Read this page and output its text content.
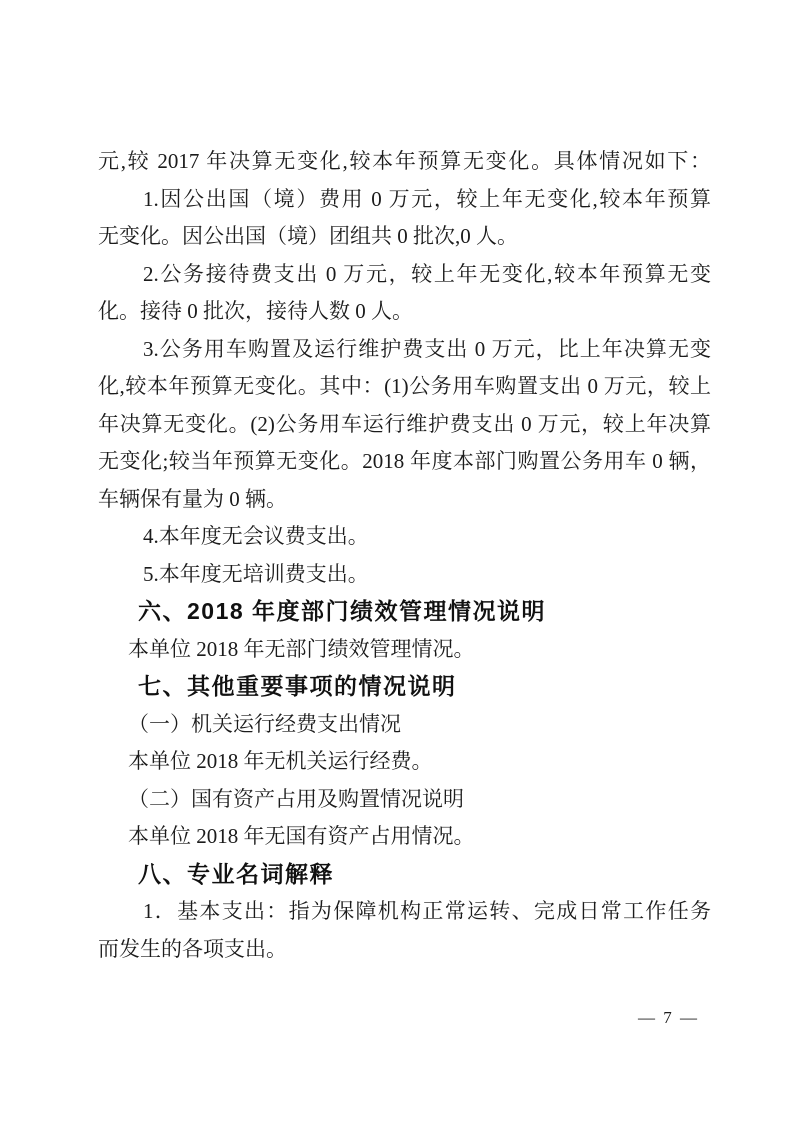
元,较 2017 年决算无变化,较本年预算无变化。具体情况如下：
1.因公出国（境）费用 0 万元，较上年无变化,较本年预算
无变化。因公出国（境）团组共 0 批次,0 人。
2.公务接待费支出 0 万元，较上年无变化,较本年预算无变
化。接待 0 批次，接待人数 0 人。
3.公务用车购置及运行维护费支出 0 万元，比上年决算无变
化,较本年预算无变化。其中：(1)公务用车购置支出 0 万元，较上
年决算无变化。(2)公务用车运行维护费支出 0 万元，较上年决算
无变化;较当年预算无变化。2018 年度本部门购置公务用车 0 辆，
车辆保有量为 0 辆。
4.本年度无会议费支出。
5.本年度无培训费支出。
六、2018 年度部门绩效管理情况说明
本单位 2018 年无部门绩效管理情况。
七、其他重要事项的情况说明
（一）机关运行经费支出情况
本单位 2018 年无机关运行经费。
（二）国有资产占用及购置情况说明
本单位 2018 年无国有资产占用情况。
八、专业名词解释
1．基本支出：指为保障机构正常运转、完成日常工作任务
而发生的各项支出。
— 7 —
